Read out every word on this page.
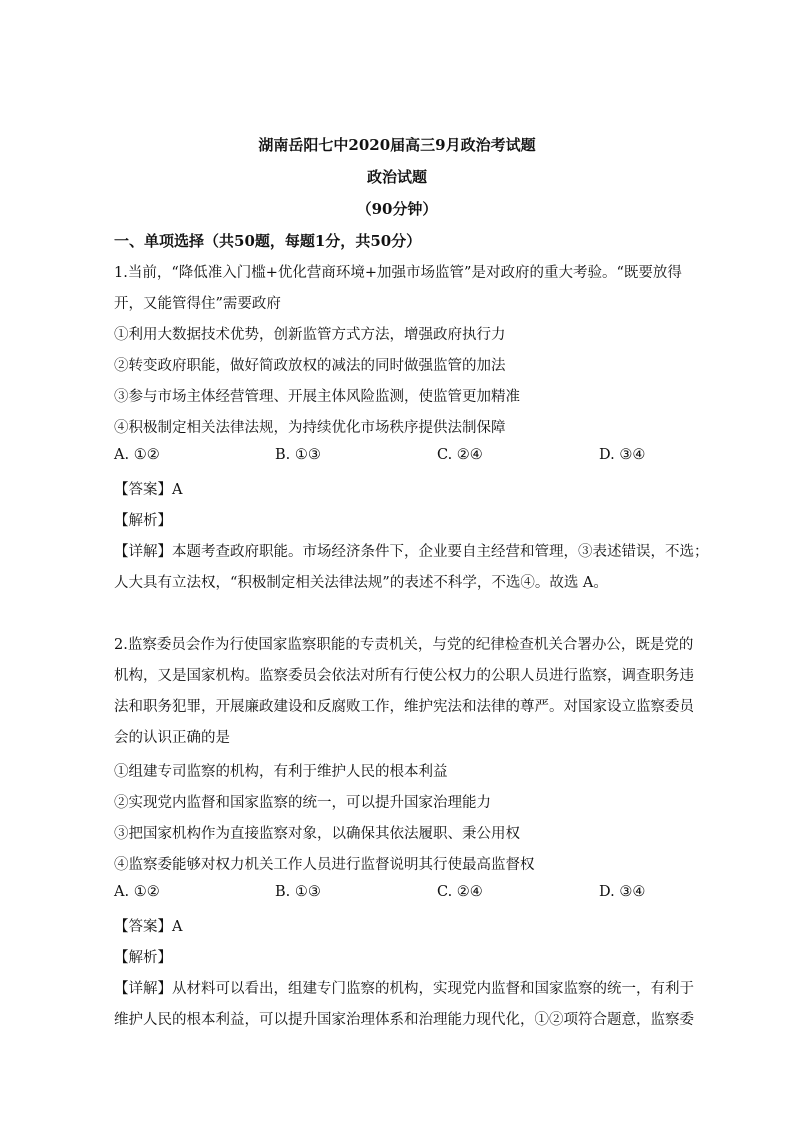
湖南岳阳七中2020届高三9月政治考试题
政治试题
（90分钟）
一、单项选择（共50题，每题1分，共50分）
1.当前，“降低准入门槛+优化营商环境+加强市场监管”是对政府的重大考验。“既要放得
开，又能管得住”需要政府
①利用大数据技术优势，创新监管方式方法，增强政府执行力
②转变政府职能，做好简政放权的减法的同时做强监管的加法
③参与市场主体经营管理、开展主体风险监测，使监管更加精准
④积极制定相关法律法规，为持续优化市场秩序提供法制保障
A. ①②	B. ①③	C. ②④	D. ③④
【答案】A
【解析】
【详解】本题考查政府职能。市场经济条件下，企业要自主经营和管理，③表述错误，不选；
人大具有立法权，“积极制定相关法律法规”的表述不科学，不选④。故选 A。
2.监察委员会作为行使国家监察职能的专责机关，与党的纪律检查机关合署办公，既是党的
机构，又是国家机构。监察委员会依法对所有行使公权力的公职人员进行监察，调查职务违
法和职务犯罪，开展廉政建设和反腐败工作，维护宪法和法律的尊严。对国家设立监察委员
会的认识正确的是
①组建专司监察的机构，有利于维护人民的根本利益
②实现党内监督和国家监察的统一，可以提升国家治理能力
③把国家机构作为直接监察对象，以确保其依法履职、秉公用权
④监察委能够对权力机关工作人员进行监督说明其行使最高监督权
A. ①②	B. ①③	C. ②④	D. ③④
【答案】A
【解析】
【详解】从材料可以看出，组建专门监察的机构，实现党内监督和国家监察的统一，有利于
维护人民的根本利益，可以提升国家治理体系和治理能力现代化，①②项符合题意，监察委
